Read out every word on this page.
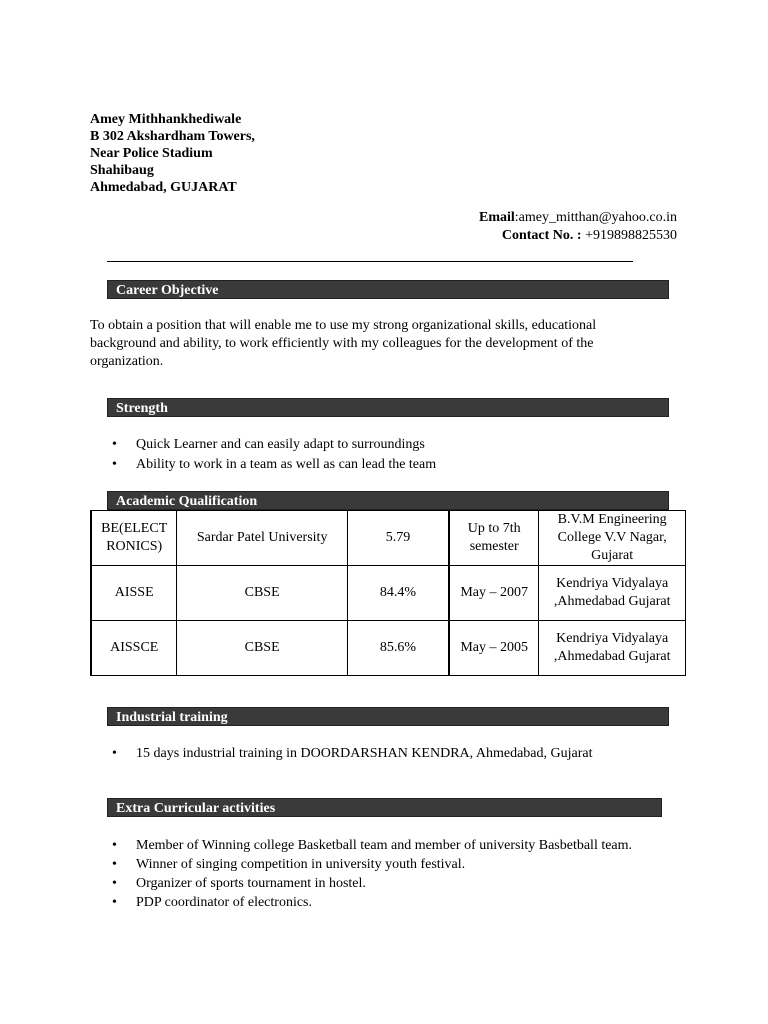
Amey Mithhankhediwale
B 302 Akshardham Towers,
Near Police Stadium
Shahibaug
Ahmedabad, GUJARAT
Email:amey_mitthan@yahoo.co.in
Contact No. : +919898825530
Career Objective
To obtain a position that will enable me to use my strong organizational skills, educational background and ability, to work efficiently with my colleagues for the development of the organization.
Strength
• Quick Learner and can easily adapt to surroundings
• Ability to work in a team as well as can lead the team
Academic Qualification
BE(ELECT RONICS)	Sardar Patel University	5.79	Up to 7th semester	B.V.M Engineering College V.V Nagar, Gujarat
AISSE	CBSE	84.4%	May – 2007	Kendriya Vidyalaya ,Ahmedabad Gujarat
AISSCE	CBSE	85.6%	May – 2005	Kendriya Vidyalaya ,Ahmedabad Gujarat
Industrial training
• 15 days industrial training in DOORDARSHAN KENDRA, Ahmedabad, Gujarat
Extra Curricular activities
• Member of Winning college Basketball team and member of university Basbetball team.
• Winner of singing competition in university youth festival.
• Organizer of sports tournament in hostel.
• PDP coordinator of electronics.
